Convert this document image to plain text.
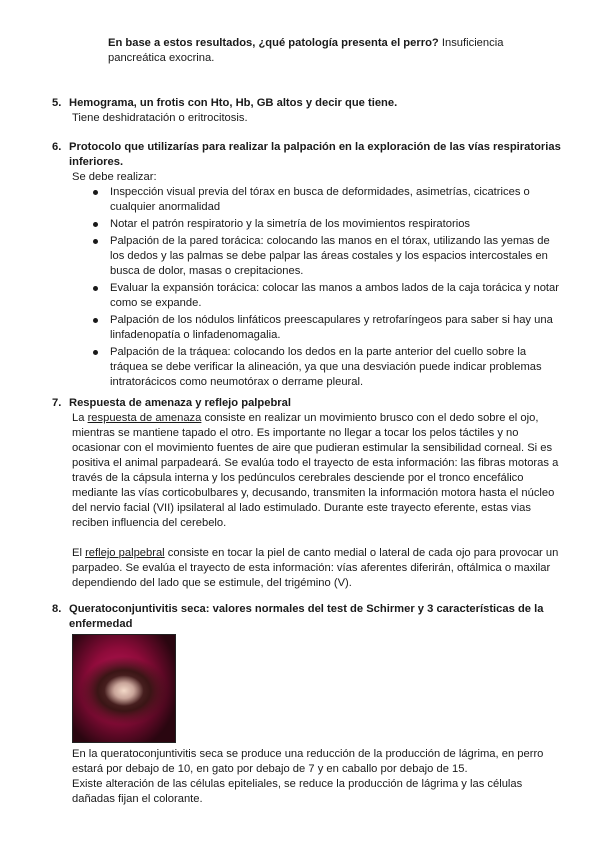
En base a estos resultados, ¿qué patología presenta el perro? Insuficiencia pancreática exocrina.
5. Hemograma, un frotis con Hto, Hb, GB altos y decir que tiene.
Tiene deshidratación o eritrocitosis.
6. Protocolo que utilizarías para realizar la palpación en la exploración de las vías respiratorias inferiores.
Se debe realizar:
Inspección visual previa del tórax en busca de deformidades, asimetrías, cicatrices o cualquier anormalidad
Notar el patrón respiratorio y la simetría de los movimientos respiratorios
Palpación de la pared torácica: colocando las manos en el tórax, utilizando las yemas de los dedos y las palmas se debe palpar las áreas costales y los espacios intercostales en busca de dolor, masas o crepitaciones.
Evaluar la expansión torácica: colocar las manos a ambos lados de la caja torácica y notar como se expande.
Palpación de los nódulos linfáticos preescapulares y retrofaríngeos para saber si hay una linfadenopatía o linfadenomagalia.
Palpación de la tráquea: colocando los dedos en la parte anterior del cuello sobre la tráquea se debe verificar la alineación, ya que una desviación puede indicar problemas intratorácicos como neumotórax o derrame pleural.
7. Respuesta de amenaza y reflejo palpebral
La respuesta de amenaza consiste en realizar un movimiento brusco con el dedo sobre el ojo, mientras se mantiene tapado el otro. Es importante no llegar a tocar los pelos táctiles y no ocasionar con el movimiento fuentes de aire que pudieran estimular la sensibilidad corneal. Si es positiva el animal parpadeará. Se evalúa todo el trayecto de esta información: las fibras motoras a través de la cápsula interna y los pedúnculos cerebrales desciende por el tronco encefálico mediante las vías corticobulbares y, decusando, transmiten la información motora hasta el núcleo del nervio facial (VII) ipsilateral al lado estimulado. Durante este trayecto eferente, estas vias reciben influencia del cerebelo.
El reflejo palpebral consiste en tocar la piel de canto medial o lateral de cada ojo para provocar un parpadeo. Se evalúa el trayecto de esta información: vías aferentes diferirán, oftálmica o maxilar dependiendo del lado que se estimule, del trigémino (V).
8. Queratoconjuntivitis seca: valores normales del test de Schirmer y 3 características de la enfermedad
En la queratoconjuntivitis seca se produce una reducción de la producción de lágrima, en perro estará por debajo de 10, en gato por debajo de 7 y en caballo por debajo de 15.
Existe alteración de las células epiteliales, se reduce la producción de lágrima y las células dañadas fijan el colorante.
